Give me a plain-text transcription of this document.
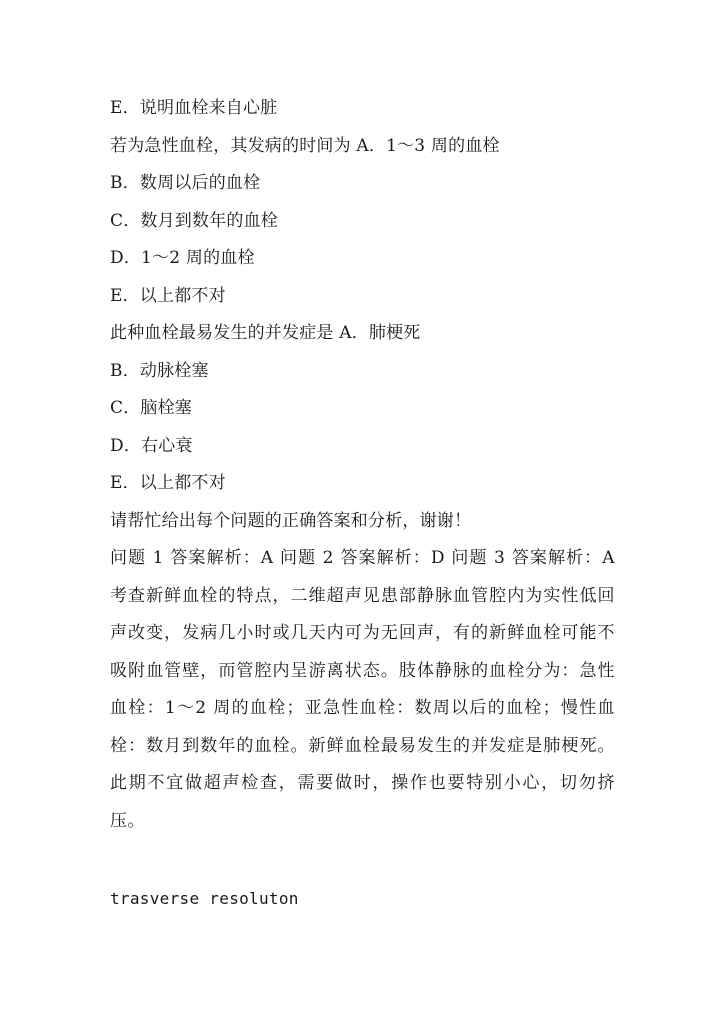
E．说明血栓来自心脏
若为急性血栓，其发病的时间为 A．1～3 周的血栓
B．数周以后的血栓
C．数月到数年的血栓
D．1～2 周的血栓
E．以上都不对
此种血栓最易发生的并发症是 A．肺梗死
B．动脉栓塞
C．脑栓塞
D．右心衰
E．以上都不对
请帮忙给出每个问题的正确答案和分析，谢谢！

问题 1 答案解析：A 问题 2 答案解析：D 问题 3 答案解析：A 考查新鲜血栓的特点，二维超声见患部静脉血管腔内为实性低回声改变，发病几小时或几天内可为无回声，有的新鲜血栓可能不吸附血管壁，而管腔内呈游离状态。肢体静脉的血栓分为：急性血栓：1～2 周的血栓；亚急性血栓：数周以后的血栓；慢性血栓：数月到数年的血栓。新鲜血栓最易发生的并发症是肺梗死。此期不宜做超声检查，需要做时，操作也要特别小心，切勿挤压。

trasverse resoluton
